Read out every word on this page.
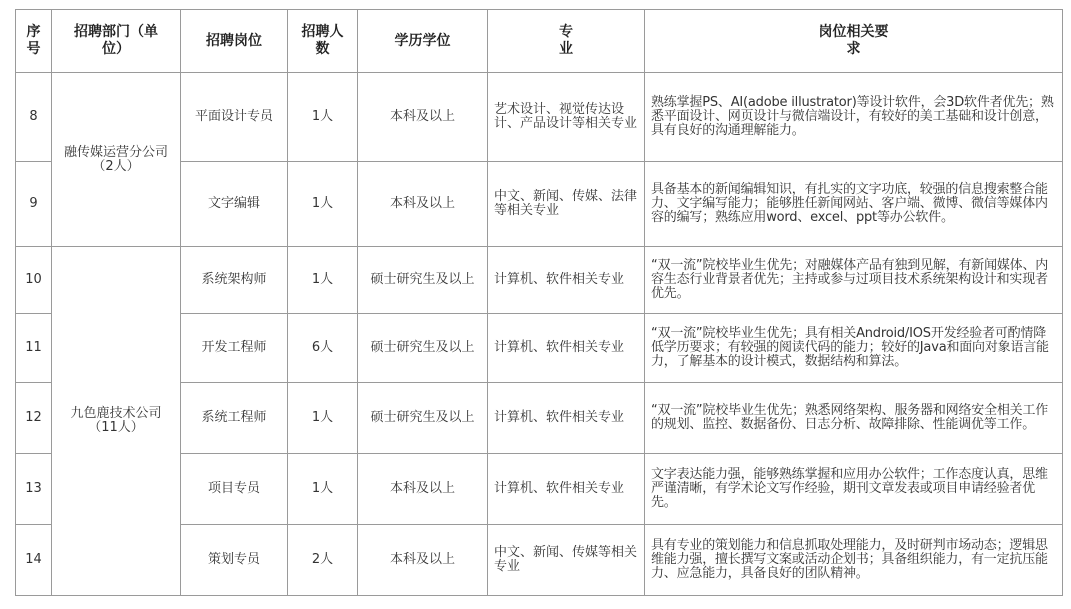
序
号	招聘部门（单
位）	招聘岗位	招聘人
数	学历学位	专
业	岗位相关要
求

8	融传媒运营分公司
（2人）	平面设计专员	1人	本科及以上	艺术设计、视觉传达设计、产品设计等相关专业	熟练掌握PS、AI(adobe illustrator)等设计软件，会3D软件者优先；熟悉平面设计、网页设计与微信端设计，有较好的美工基础和设计创意，具有良好的沟通理解能力。
9		文字编辑	1人	本科及以上	中文、新闻、传媒、法律等相关专业	具备基本的新闻编辑知识，有扎实的文字功底，较强的信息搜索整合能力、文字编写能力；能够胜任新闻网站、客户端、微博、微信等媒体内容的编写；熟练应用word、excel、ppt等办公软件。
10	九色鹿技术公司
（11人）	系统架构师	1人	硕士研究生及以上	计算机、软件相关专业	“双一流”院校毕业生优先；对融媒体产品有独到见解，有新闻媒体、内容生态行业背景者优先；主持或参与过项目技术系统架构设计和实现者优先。
11		开发工程师	6人	硕士研究生及以上	计算机、软件相关专业	“双一流”院校毕业生优先；具有相关Android/IOS开发经验者可酌情降低学历要求；有较强的阅读代码的能力；较好的Java和面向对象语言能力，了解基本的设计模式，数据结构和算法。
12		系统工程师	1人	硕士研究生及以上	计算机、软件相关专业	“双一流”院校毕业生优先；熟悉网络架构、服务器和网络安全相关工作的规划、监控、数据备份、日志分析、故障排除、性能调优等工作。
13		项目专员	1人	本科及以上	计算机、软件相关专业	文字表达能力强，能够熟练掌握和应用办公软件；工作态度认真，思维严谨清晰，有学术论文写作经验，期刊文章发表或项目申请经验者优先。
14		策划专员	2人	本科及以上	中文、新闻、传媒等相关专业	具有专业的策划能力和信息抓取处理能力，及时研判市场动态；逻辑思维能力强，擅长撰写文案或活动企划书；具备组织能力，有一定抗压能力、应急能力，具备良好的团队精神。
